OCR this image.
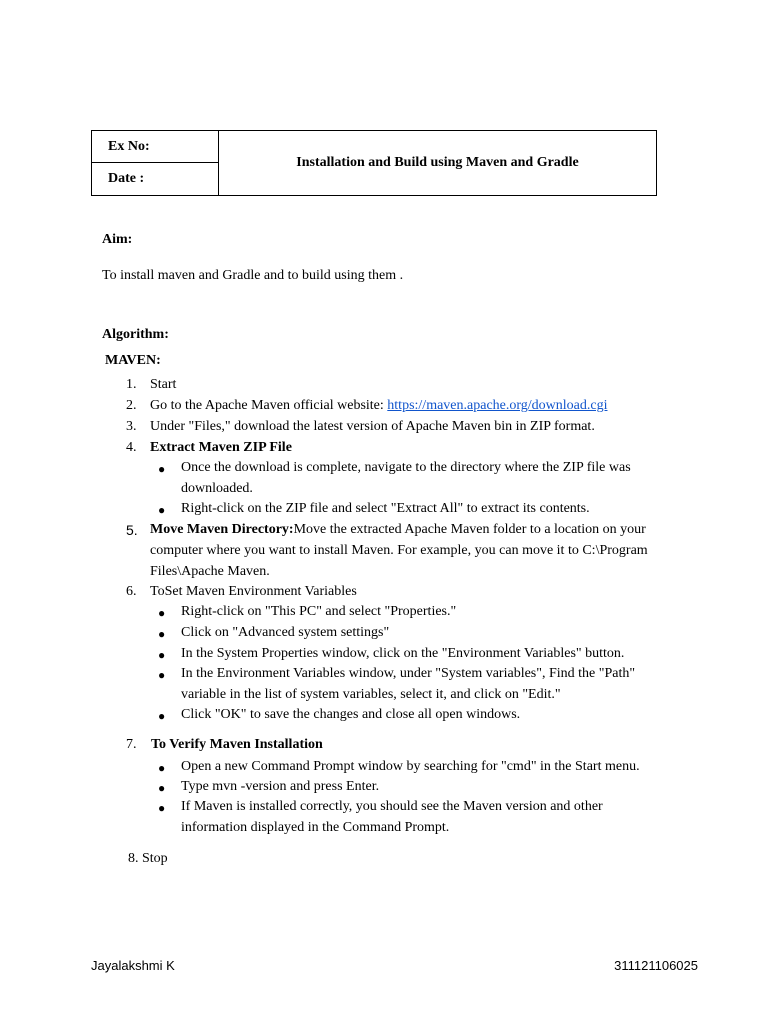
Ex No:
Date :
Installation and Build using Maven and Gradle
Aim:
To install maven and Gradle and to build using them .
Algorithm:
MAVEN:
1. Start
2. Go to the Apache Maven official website: https://maven.apache.org/download.cgi
3. Under "Files," download the latest version of Apache Maven bin in ZIP format.
4. Extract Maven ZIP File
● Once the download is complete, navigate to the directory where the ZIP file was
downloaded.
● Right-click on the ZIP file and select "Extract All" to extract its contents.
5. Move Maven Directory:Move the extracted Apache Maven folder to a location on your
computer where you want to install Maven. For example, you can move it to C:\Program
Files\Apache Maven.
6. ToSet Maven Environment Variables
● Right-click on "This PC" and select "Properties."
● Click on "Advanced system settings"
● In the System Properties window, click on the "Environment Variables" button.
● In the Environment Variables window, under "System variables", Find the "Path"
variable in the list of system variables, select it, and click on "Edit."
● Click "OK" to save the changes and close all open windows.
7. To Verify Maven Installation
● Open a new Command Prompt window by searching for "cmd" in the Start menu.
● Type mvn -version and press Enter.
● If Maven is installed correctly, you should see the Maven version and other
information displayed in the Command Prompt.
8. Stop
Jayalakshmi K	311121106025
